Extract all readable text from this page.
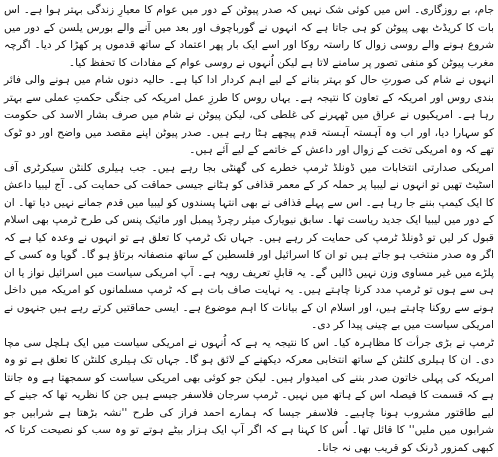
جام، بے روزگاری۔ اس میں کوئی شک نہیں کہ صدر پیوٹن کے دور میں عوام کا معیارِ زندگی بہتر ہوا ہے۔ اس بات کا کریڈٹ بھی پیوٹن کو ہی جاتا ہے کہ انہوں نے گورباچوف اور بعد میں آنے والے بورس یلسن کے دور میں شروع ہونے والے روسی زوال کا راستہ روکا اور اسے ایک بار پھر اعتماد کے ساتھ قدموں پر کھڑا کر دیا۔ اگرچہ مغرب پیوٹن کو منفی تصور پر سامنے لاتا ہے لیکن اُنہوں نے روسی عوام کے مفادات کا تحفظ کیا۔

انہوں نے شام کی صورتِ حال کو بہتر بنانے کے لیے اہم کردار ادا کیا ہے۔ حالیہ دنوں شام میں ہونے والی فائر بندی روس اور امریکہ کے تعاون کا نتیجہ ہے۔ یہاں روس کا طرزِ عمل امریکہ کی جنگی حکمتِ عملی سے بہتر رہا ہے۔ امریکیوں نے عراق میں ٹھہرنے کی غلطی کی، لیکن پیوٹن نے شام میں صرف بشار الاسد کی حکومت کو سہارا دیا، اور اب وہ آہستہ آہستہ قدم پیچھے ہٹا رہے ہیں۔ صدر پیوٹن اپنے مقصد میں واضح اور دو ٹوک تھے کہ وہ امریکی تخت کے زوال اور داعش کے خاتمے کے لیے آئے ہیں۔

امریکی صدارتی انتخابات میں ڈونلڈ ٹرمپ خطرے کی گھنٹی بجا رہے ہیں۔ جب ہیلری کلنٹن سیکرٹری آف اسٹیٹ تھیں تو انہوں نے لیبیا پر حملہ کر کے معمر قذافی کو ہٹانے جیسی حماقت کی حمایت کی۔ آج لیبیا داعش کا ایک کیمپ بننے جا رہا ہے۔ اس سے پہلے قذافی نے بھی انتہا پسندوں کو لیبیا میں قدم جمانے نہیں دیا تھا۔ ان کے دور میں لیبیا ایک جدید ریاست تھا۔ سابق نیویارک میئر رچرڈ پیمبل اور مائیک پنس کی طرح ٹرمپ بھی اسلام قبول کر لیں تو ڈونلڈ ٹرمپ کی حمایت کر رہے ہیں۔ جہاں تک ٹرمپ کا تعلق ہے تو انہوں نے وعدہ کیا ہے کہ اگر وہ صدر منتخب ہو جاتے ہیں تو ان کا اسرائیل اور فلسطین کے ساتھ منصفانہ برتاؤ ہو گا۔ گویا وہ کسی کے پلڑے میں غیر مساوی وزن نہیں ڈالیں گے۔ یہ قابلِ تعریف رویہ ہے۔ آپ امریکی سیاست میں اسرائیل نواز یا ان ہی سے ہوں تو ٹرمپ مدد کرنا چاہتے ہیں۔ یہ نہایت صاف بات ہے کہ ٹرمپ مسلمانوں کو امریکہ میں داخل ہونے سے روکنا چاہتے ہیں، اور اسلام ان کے بیانات کا اہم موضوع ہے۔ ایسی حماقتیں کرتے رہے ہیں جنہوں نے امریکی سیاست میں بے چینی پیدا کر دی۔

ٹرمپ نے بڑی جرأت کا مظاہرہ کیا۔ اس کا نتیجہ یہ ہے کہ اُنہوں نے امریکی سیاست میں ایک ہلچل سی مچا دی۔ ان کا ہیلری کلنٹن کے ساتھ انتخابی معرکہ دیکھنے کے لائق ہو گا۔ جہاں تک ہیلری کلنٹن کا تعلق ہے تو وہ امریکہ کی پہلی خاتون صدر بننے کی امیدوار ہیں۔ لیکن جو کوئی بھی امریکی سیاست کو سمجھتا ہے وہ جانتا ہے کہ قسمت کا فیصلہ اس کے ہاتھ میں نہیں۔ ٹرمپ سرجان فلاسفر جیسے ہیں جن کا نظریہ تھا کہ جینے کے لیے طاقتور مشروب ہونا چاہیے۔ فلاسفر جیسا کہ ہمارے احمد فراز کی طرح ''نشہ بڑھتا ہے شرابیں جو شرابوں میں ملیں'' کا قائل تھا۔ اُس کا کہنا ہے کہ اگر آپ ایک ہزار بیٹے ہوتے تو وہ سب کو نصیحت کرتا کہ کبھی کمزور ڈرنک کو قریب بھی نہ جانا۔
